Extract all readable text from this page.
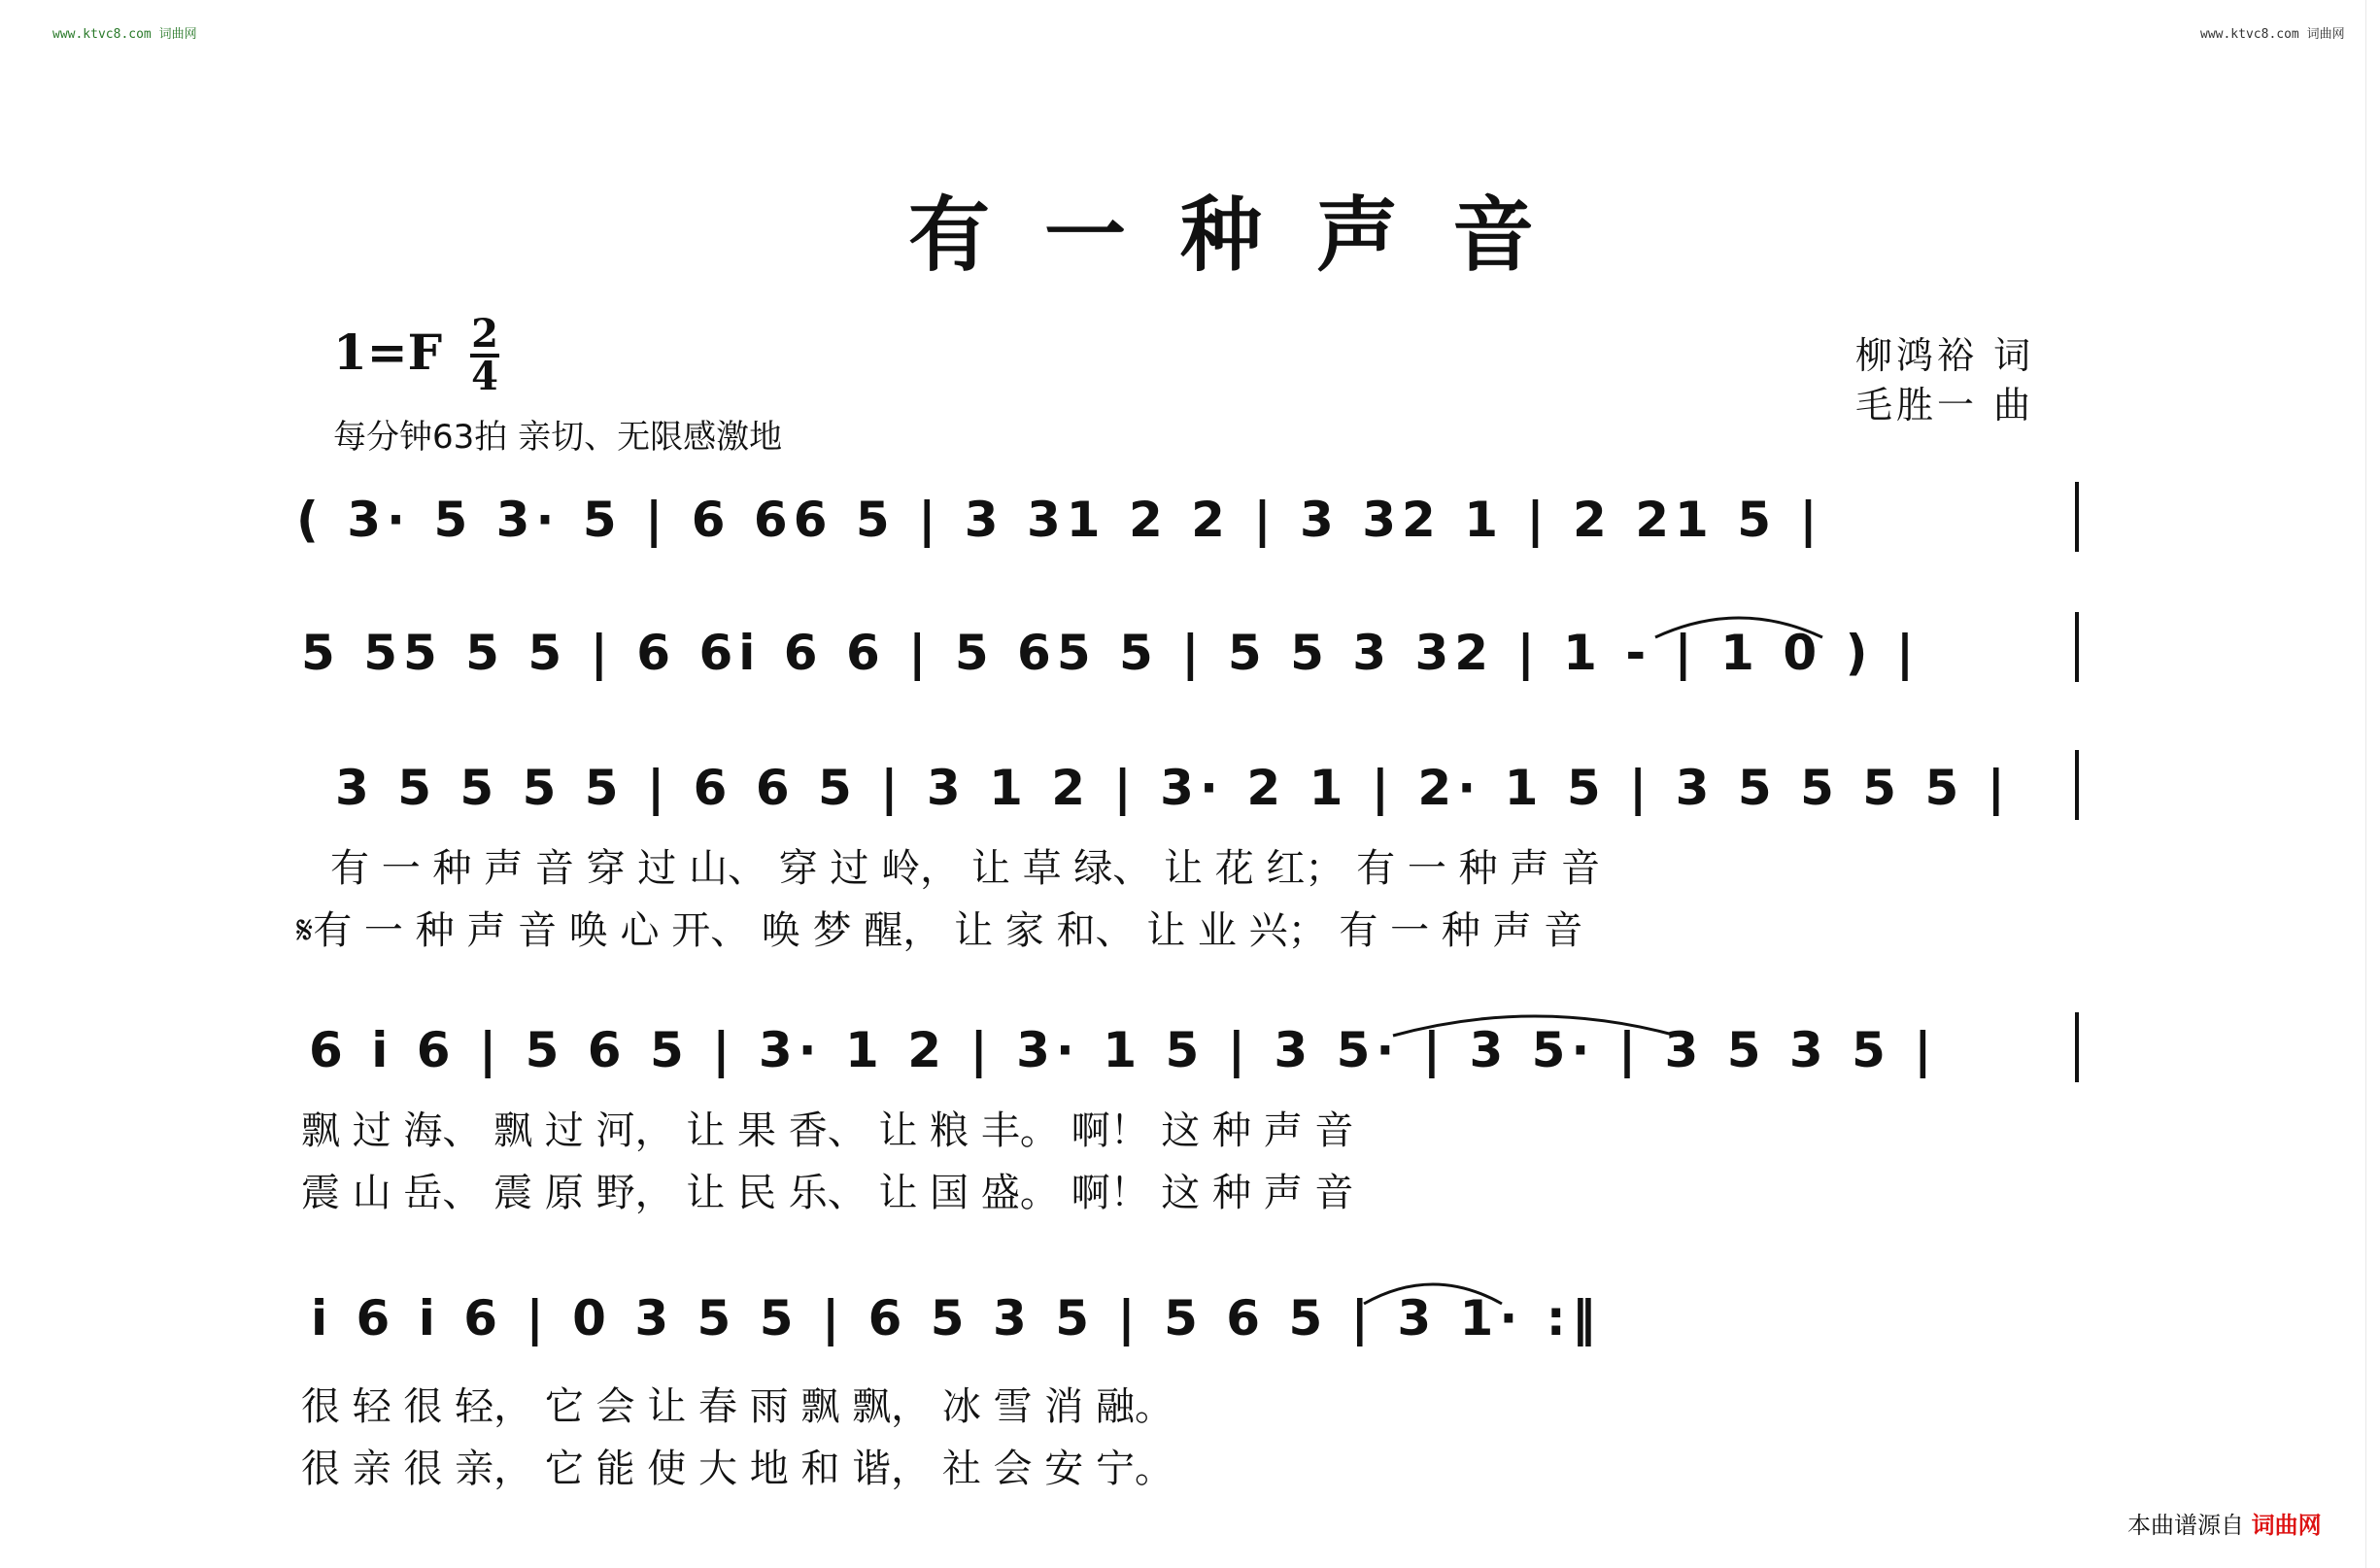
www.ktvc8.com 词曲网	www.ktvc8.com 词曲网
有一种声音
1=F 2
4
每分钟63拍 亲切、无限感激地
柳鸿裕 词
毛胜一 曲
( 3· 5 3· 5 | 6 66 5 | 3 31 2 2 | 3 32 1 | 2 21 5 |
5 55 5 5 | 6 6i 6 6 | 5 65 5 | 5 5 3 32 | 1 - | 1 0 ) |
3 5 5 5 5 | 6 6 5 | 3 1 2 | 3· 2 1 | 2· 1 5 | 3 5 5 5 5 |
有 一 种 声 音 穿 过 山、 穿 过 岭， 让 草 绿、 让 花 红； 有 一 种 声 音
𝄋有 一 种 声 音 唤 心 开、 唤 梦 醒， 让 家 和、 让 业 兴； 有 一 种 声 音
6 i 6 | 5 6 5 | 3· 1 2 | 3· 1 5 | 3 5· | 3 5· | 3 5 3 5 |
飘 过 海、 飘 过 河， 让 果 香、 让 粮 丰。 啊！ 这 种 声 音
震 山 岳、 震 原 野， 让 民 乐、 让 国 盛。 啊！ 这 种 声 音
i 6 i 6 | 0 3 5 5 | 6 5 3 5 | 5 6 5 | 3 1· :‖
很 轻 很 轻， 它 会 让 春 雨 飘 飘， 冰 雪 消 融。
很 亲 很 亲， 它 能 使 大 地 和 谐， 社 会 安 宁。
本曲谱源自 词曲网
